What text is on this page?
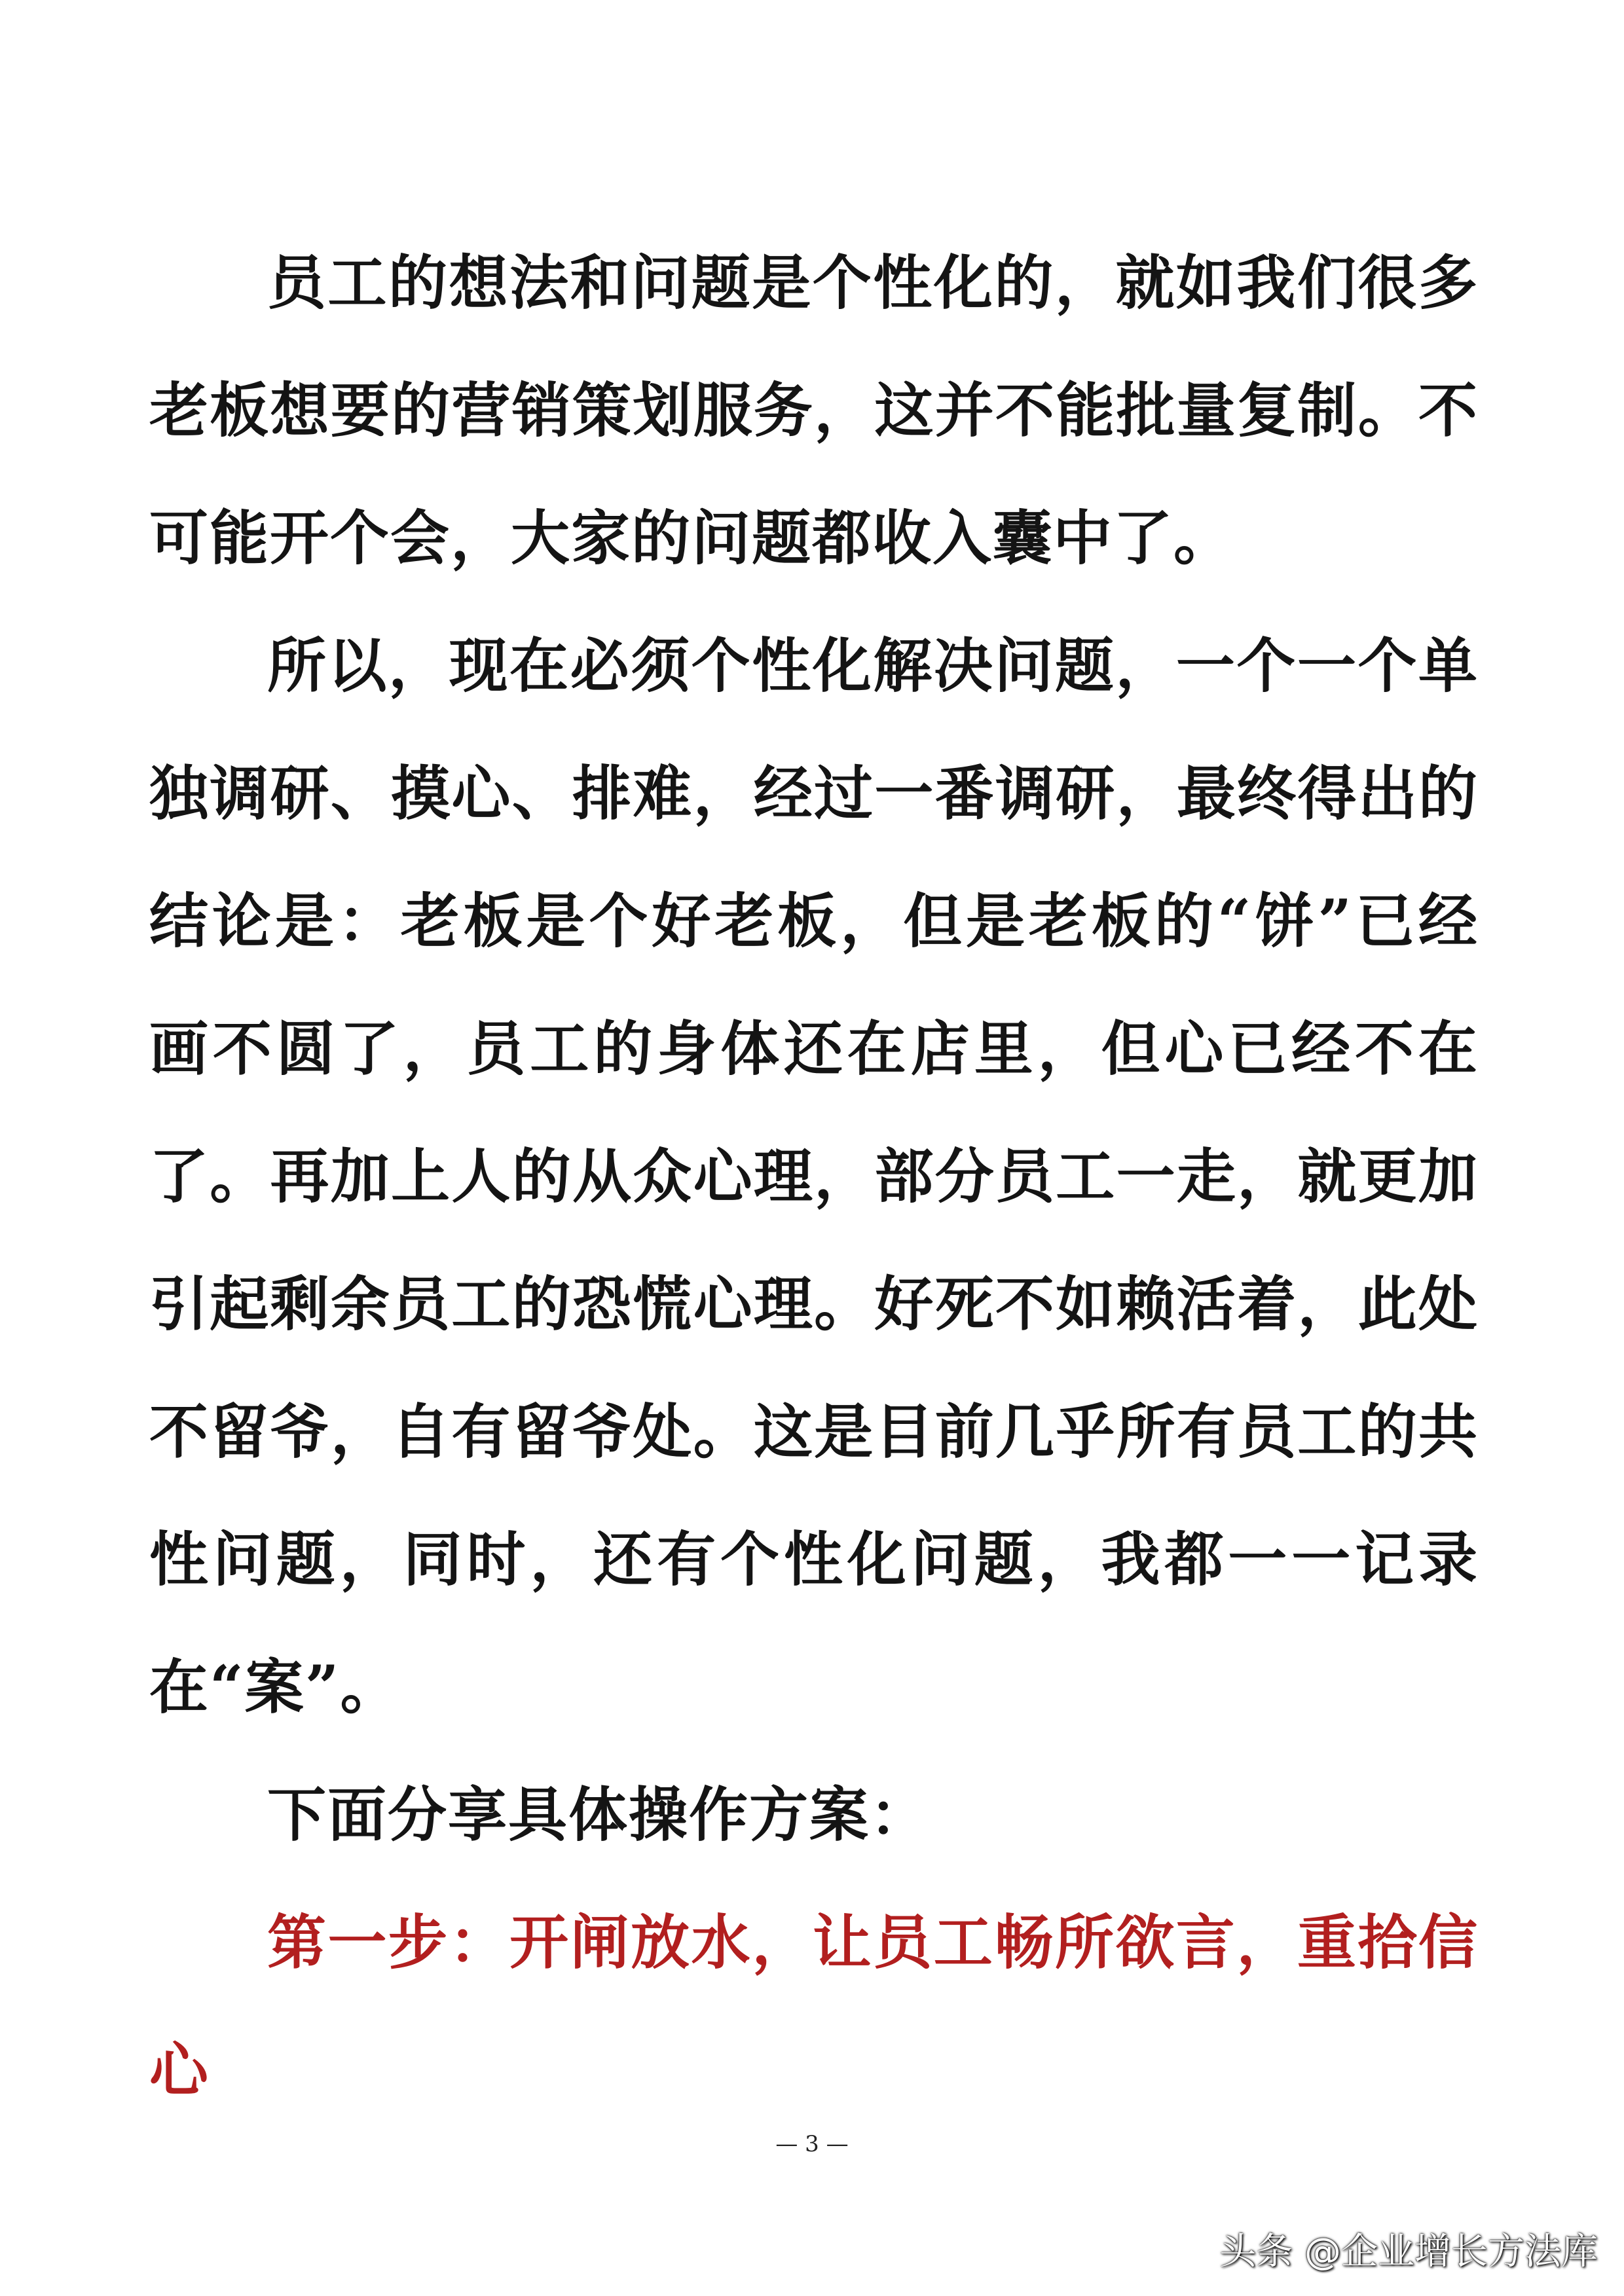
员工的想法和问题是个性化的，就如我们很多老板想要的营销策划服务，这并不能批量复制。不可能开个会，大家的问题都收入囊中了。

所以，现在必须个性化解决问题，一个一个单独调研、摸心、排难，经过一番调研，最终得出的结论是：老板是个好老板，但是老板的“饼”已经画不圆了，员工的身体还在店里，但心已经不在了。再加上人的从众心理，部分员工一走，就更加引起剩余员工的恐慌心理。好死不如赖活着，此处不留爷，自有留爷处。这是目前几乎所有员工的共性问题，同时，还有个性化问题，我都一一记录在“案”。

下面分享具体操作方案：

第一步：开闸放水，让员工畅所欲言，重拾信心

— 3 —
头条 @企业增长方法库
